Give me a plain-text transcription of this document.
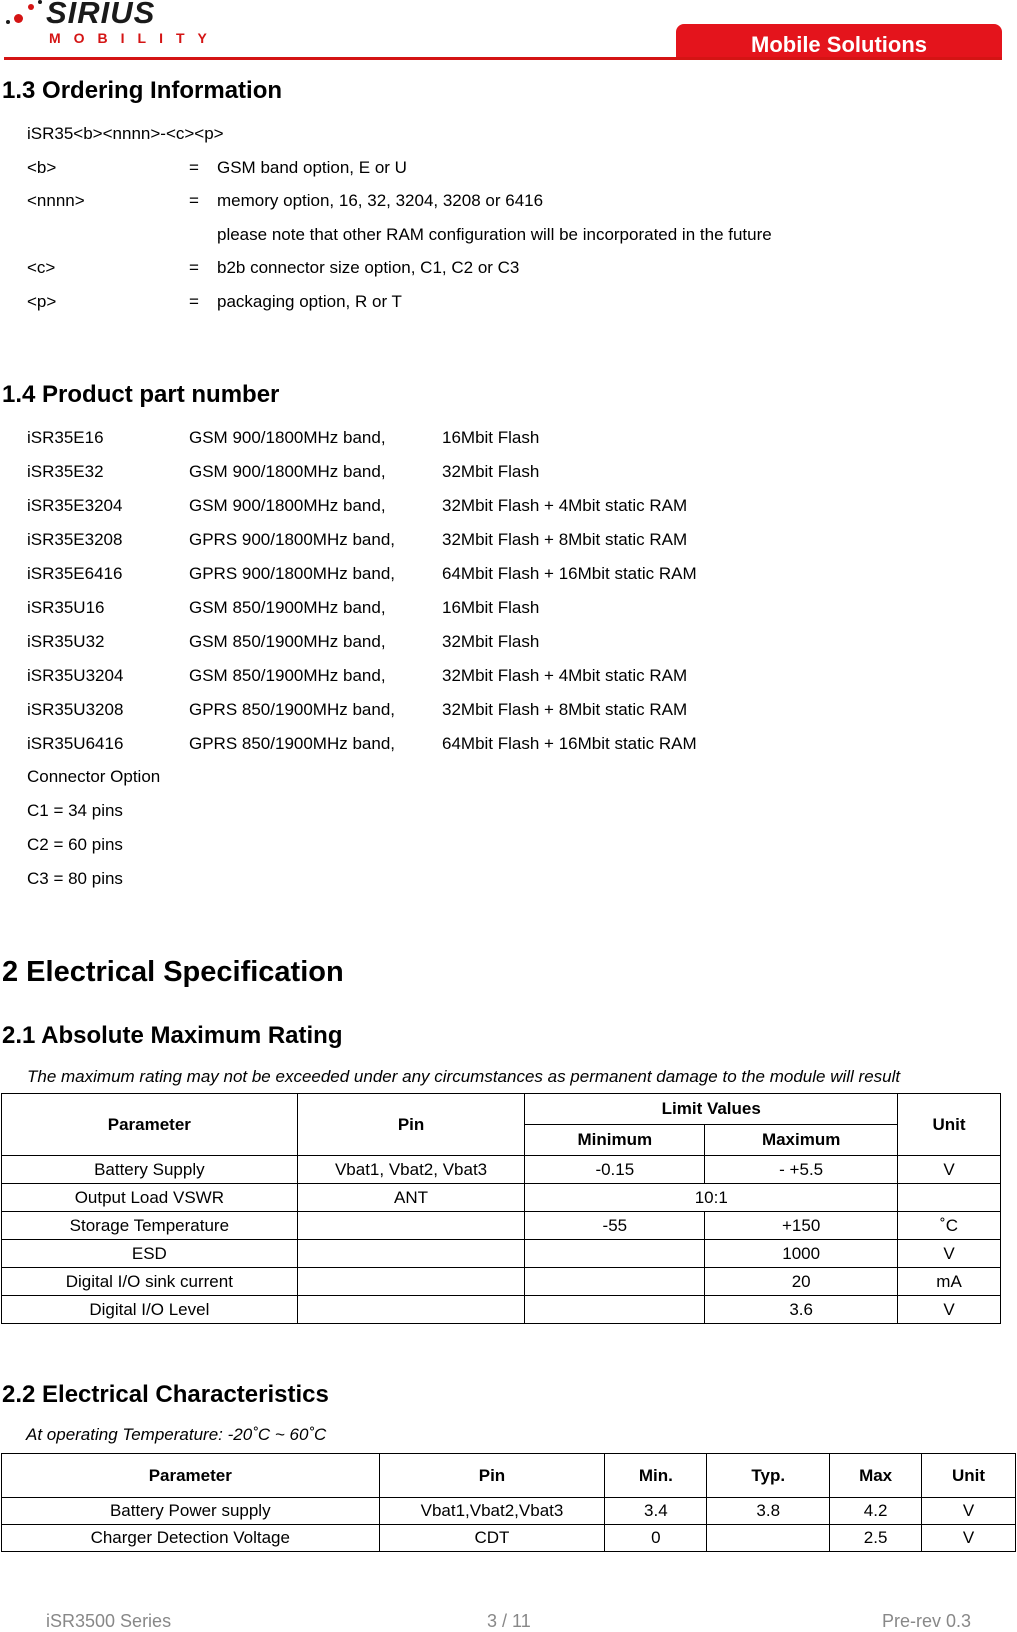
SIRIUS
MOBILITY	Mobile Solutions
1.3 Ordering Information
iSR35<b><nnnn>-<c><p>
<b>	= GSM band option, E or U
<nnnn>	= memory option, 16, 32, 3204, 3208 or 6416
please note that other RAM configuration will be incorporated in the future
<c>	= b2b connector size option, C1, C2 or C3
<p>	= packaging option, R or T
1.4 Product part number
iSR35E16	GSM 900/1800MHz band,	16Mbit Flash
iSR35E32	GSM 900/1800MHz band,	32Mbit Flash
iSR35E3204	GSM 900/1800MHz band,	32Mbit Flash + 4Mbit static RAM
iSR35E3208	GPRS 900/1800MHz band,	32Mbit Flash + 8Mbit static RAM
iSR35E6416	GPRS 900/1800MHz band,	64Mbit Flash + 16Mbit static RAM
iSR35U16	GSM 850/1900MHz band,	16Mbit Flash
iSR35U32	GSM 850/1900MHz band,	32Mbit Flash
iSR35U3204	GSM 850/1900MHz band,	32Mbit Flash + 4Mbit static RAM
iSR35U3208	GPRS 850/1900MHz band,	32Mbit Flash + 8Mbit static RAM
iSR35U6416	GPRS 850/1900MHz band,	64Mbit Flash + 16Mbit static RAM
Connector Option
C1 = 34 pins
C2 = 60 pins
C3 = 80 pins
2 Electrical Specification
2.1 Absolute Maximum Rating
The maximum rating may not be exceeded under any circumstances as permanent damage to the module will result
Parameter	Pin	Limit Values		Unit
		Minimum	Maximum	
Battery Supply	Vbat1, Vbat2, Vbat3	-0.15	- +5.5	V
Output Load VSWR	ANT	10:1		
Storage Temperature		-55	+150	˚C
ESD			1000	V
Digital I/O sink current			20	mA
Digital I/O Level			3.6	V
2.2 Electrical Characteristics
At operating Temperature: -20˚C ~ 60˚C
Parameter	Pin	Min.	Typ.	Max	Unit
Battery Power supply	Vbat1,Vbat2,Vbat3	3.4	3.8	4.2	V
Charger Detection Voltage	CDT	0		2.5	V
iSR3500 Series	3 / 11	Pre-rev 0.3
